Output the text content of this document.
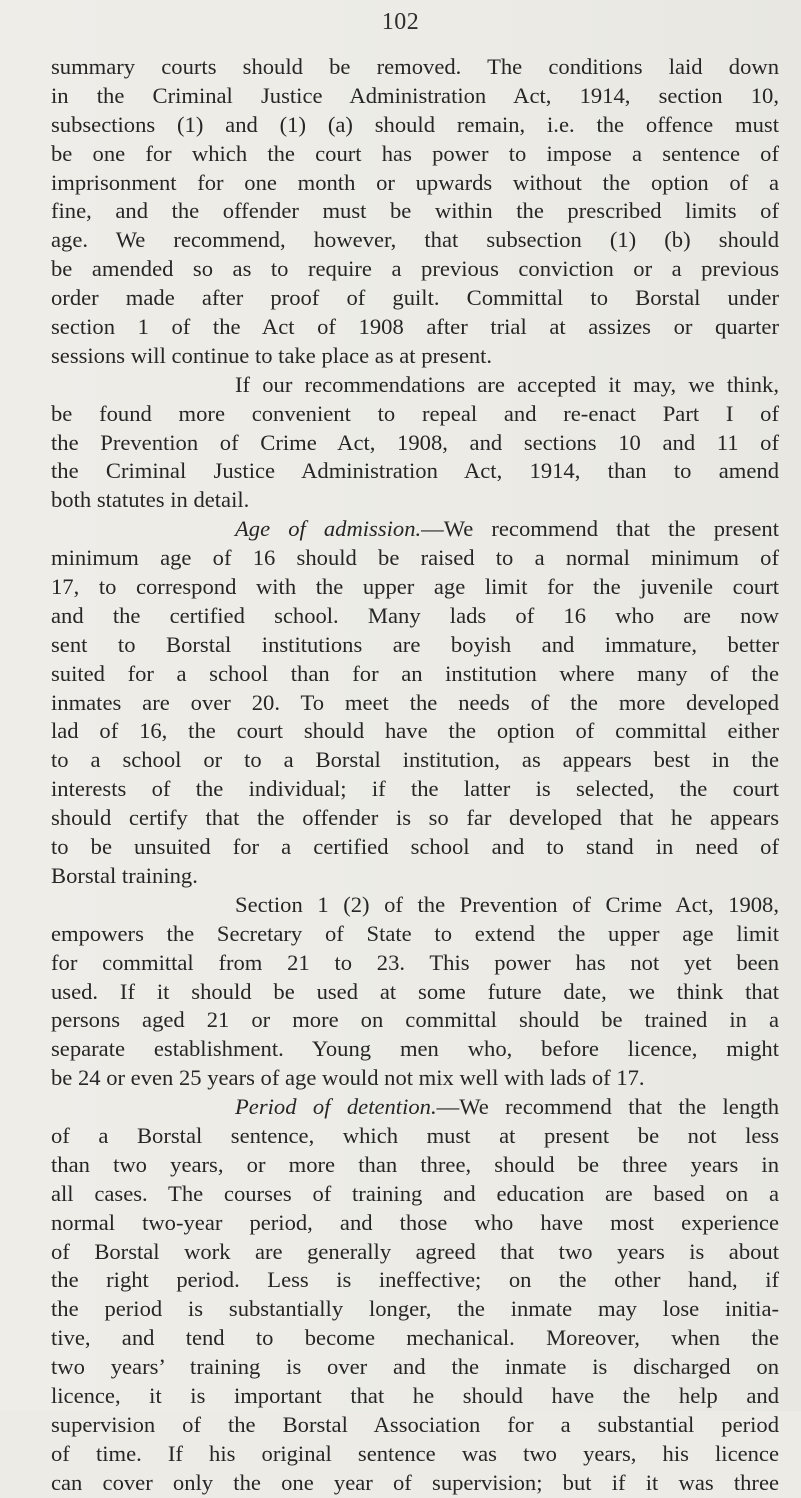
102
summary courts should be removed. The conditions laid down
in the Criminal Justice Administration Act, 1914, section 10,
subsections (1) and (1) (a) should remain, i.e. the offence must
be one for which the court has power to impose a sentence of
imprisonment for one month or upwards without the option of a
fine, and the offender must be within the prescribed limits of
age. We recommend, however, that subsection (1) (b) should
be amended so as to require a previous conviction or a previous
order made after proof of guilt. Committal to Borstal under
section 1 of the Act of 1908 after trial at assizes or quarter
sessions will continue to take place as at present.
If our recommendations are accepted it may, we think,
be found more convenient to repeal and re-enact Part I of
the Prevention of Crime Act, 1908, and sections 10 and 11 of
the Criminal Justice Administration Act, 1914, than to amend
both statutes in detail.
Age of admission.—We recommend that the present
minimum age of 16 should be raised to a normal minimum of
17, to correspond with the upper age limit for the juvenile court
and the certified school. Many lads of 16 who are now
sent to Borstal institutions are boyish and immature, better
suited for a school than for an institution where many of the
inmates are over 20. To meet the needs of the more developed
lad of 16, the court should have the option of committal either
to a school or to a Borstal institution, as appears best in the
interests of the individual; if the latter is selected, the court
should certify that the offender is so far developed that he appears
to be unsuited for a certified school and to stand in need of
Borstal training.
Section 1 (2) of the Prevention of Crime Act, 1908,
empowers the Secretary of State to extend the upper age limit
for committal from 21 to 23. This power has not yet been
used. If it should be used at some future date, we think that
persons aged 21 or more on committal should be trained in a
separate establishment. Young men who, before licence, might
be 24 or even 25 years of age would not mix well with lads of 17.
Period of detention.—We recommend that the length
of a Borstal sentence, which must at present be not less
than two years, or more than three, should be three years in
all cases. The courses of training and education are based on a
normal two-year period, and those who have most experience
of Borstal work are generally agreed that two years is about
the right period. Less is ineffective; on the other hand, if
the period is substantially longer, the inmate may lose initia-
tive, and tend to become mechanical. Moreover, when the
two years’ training is over and the inmate is discharged on
licence, it is important that he should have the help and
supervision of the Borstal Association for a substantial period
of time. If his original sentence was two years, his licence
can cover only the one year of supervision; but if it was three
